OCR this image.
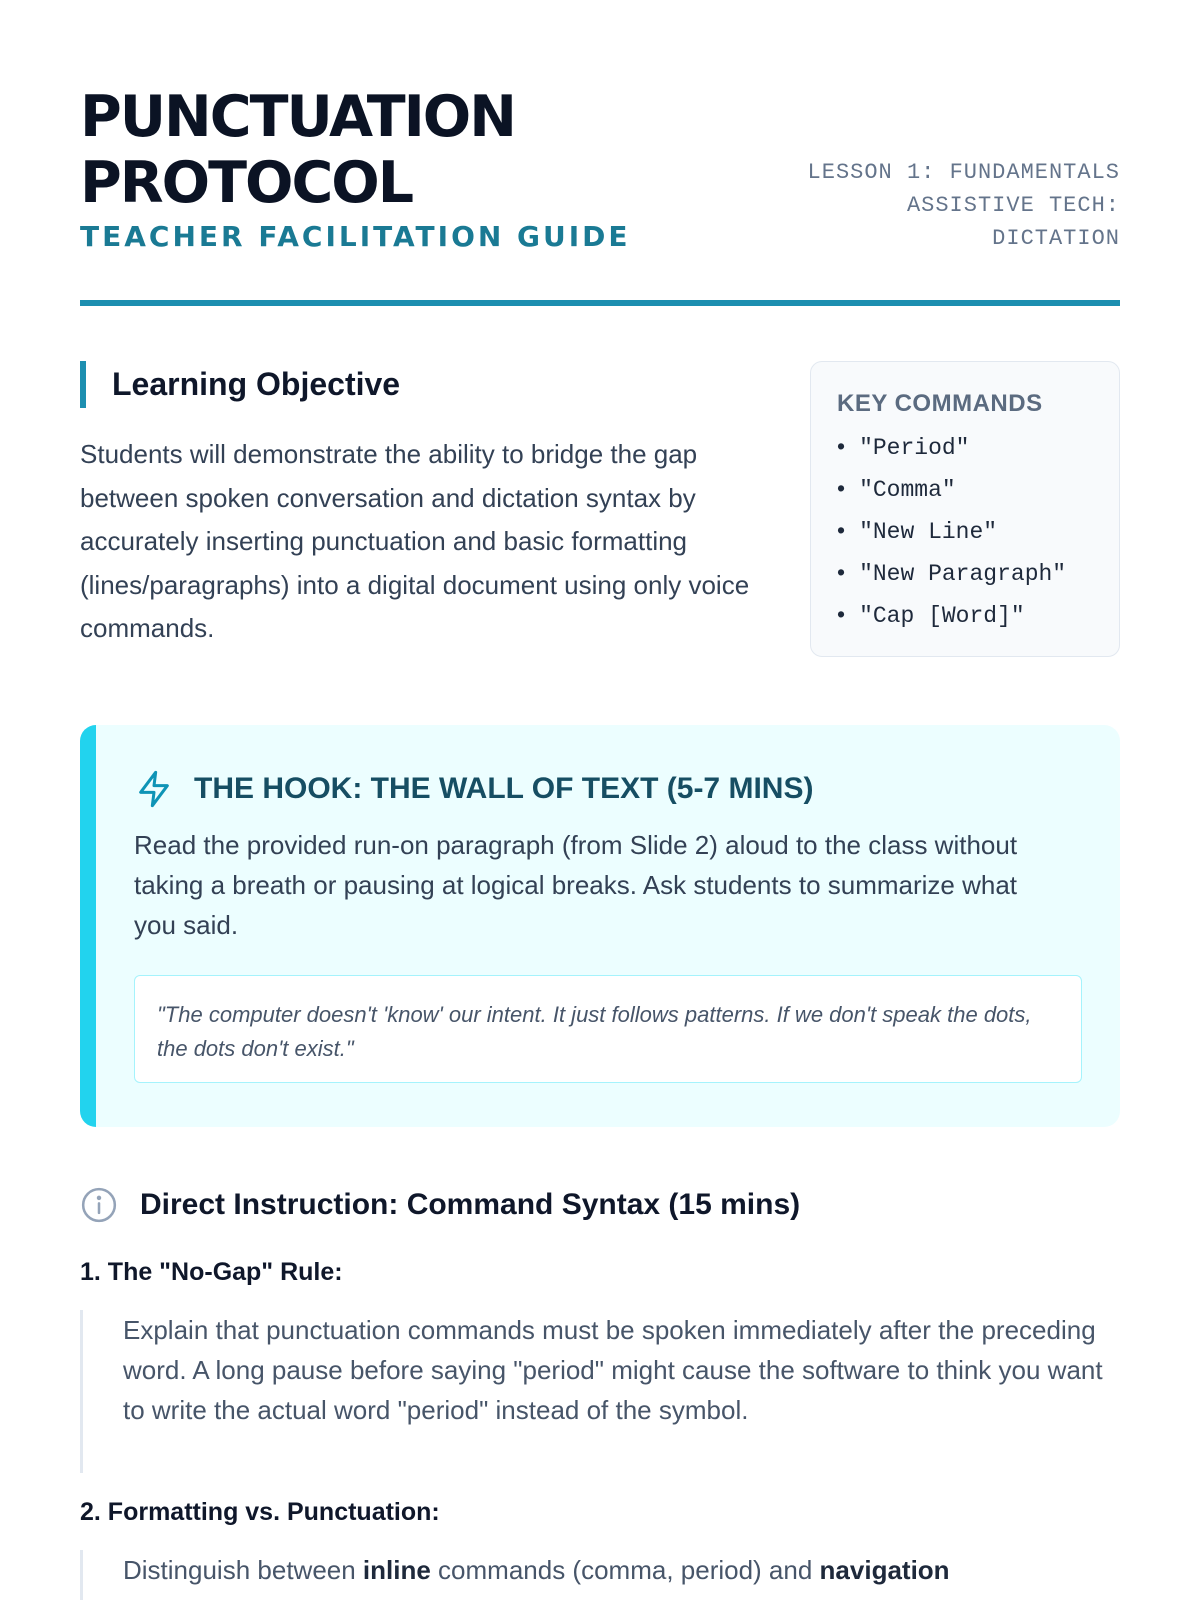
PUNCTUATION
PROTOCOL
TEACHER FACILITATION GUIDE
LESSON 1: FUNDAMENTALS
ASSISTIVE TECH:
DICTATION
Learning Objective

Students will demonstrate the ability to bridge the gap between spoken conversation and dictation syntax by accurately inserting punctuation and basic formatting (lines/paragraphs) into a digital document using only voice commands.

KEY COMMANDS
• "Period"
• "Comma"
• "New Line"
• "New Paragraph"
• "Cap [Word]"
THE HOOK: THE WALL OF TEXT (5-7 MINS)

Read the provided run-on paragraph (from Slide 2) aloud to the class without taking a breath or pausing at logical breaks. Ask students to summarize what you said.

"The computer doesn't 'know' our intent. It just follows patterns. If we don't speak the dots, the dots don't exist."
Direct Instruction: Command Syntax (15 mins)
1. The "No-Gap" Rule:

Explain that punctuation commands must be spoken immediately after the preceding word. A long pause before saying "period" might cause the software to think you want to write the actual word "period" instead of the symbol.

2. Formatting vs. Punctuation:

Distinguish between inline commands (comma, period) and navigation
